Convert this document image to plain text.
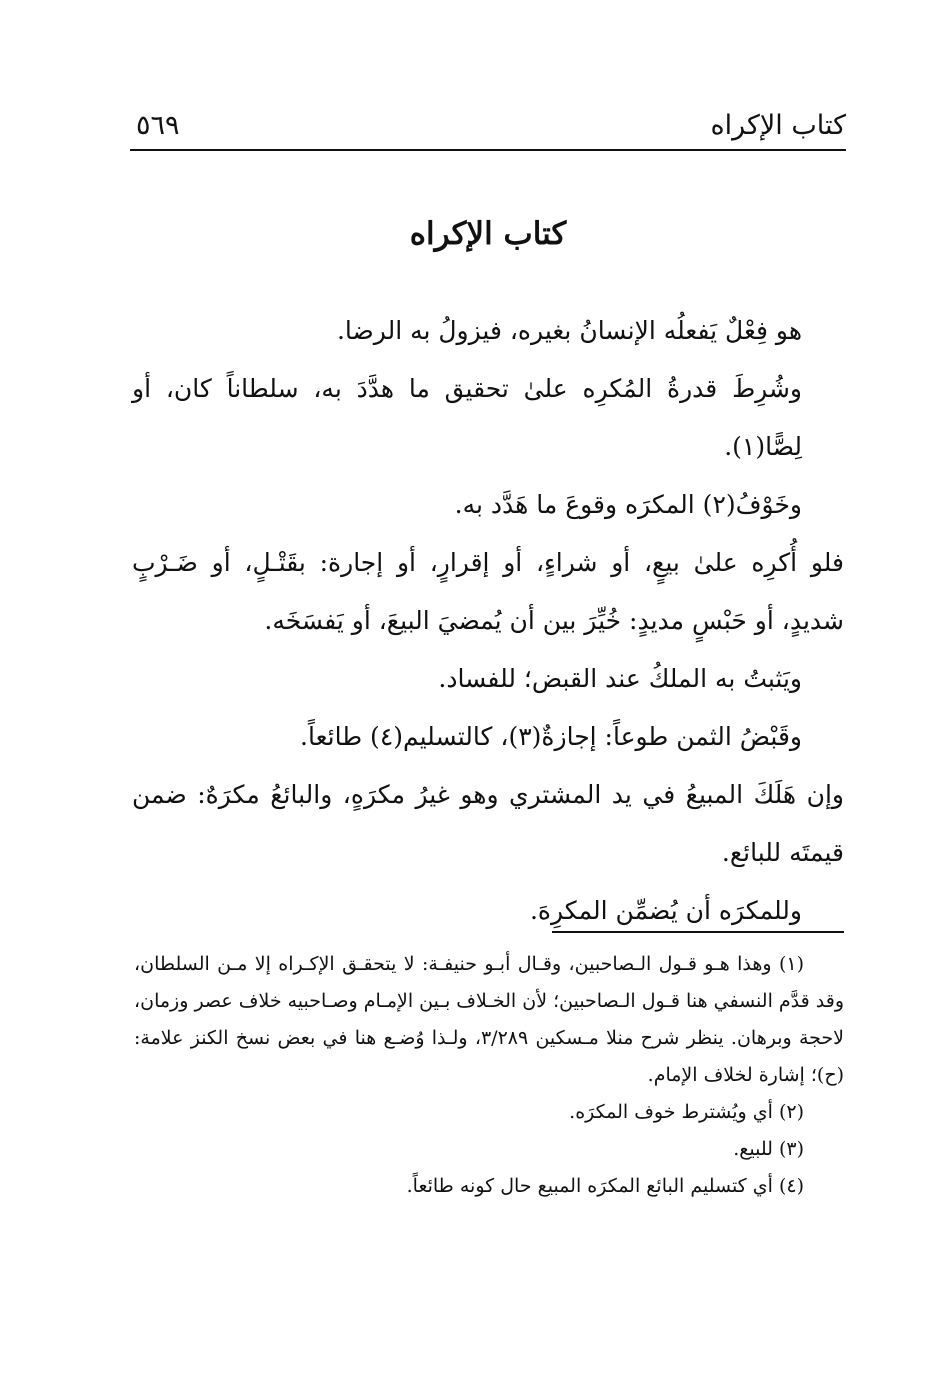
كتاب الإكراه
٥٦٩
كتاب الإكراه

هو فِعْلٌ يَفعلُه الإنسانُ بغيره، فيزولُ به الرضا.

وشُرِطَ قدرةُ المُكرِه علىٰ تحقيق ما هدَّدَ به، سلطاناً كان، أو لِصًّا(١).

وخَوْفُ(٢) المكرَه وقوعَ ما هَدَّد به.

فلو أُكرِه علىٰ بيعٍ، أو شراءٍ، أو إقرارٍ، أو إجارة: بقَتْـلٍ، أو ضَـرْبٍ شديدٍ، أو حَبْسٍ مديدٍ: خُيِّرَ بين أن يُمضيَ البيعَ، أو يَفسَخَه.

ويَثبتُ به الملكُ عند القبض؛ للفساد.

وقَبْضُ الثمن طوعاً: إجازةٌ(٣)، كالتسليم(٤) طائعاً.

وإن هَلَكَ المبيعُ في يد المشتري وهو غيرُ مكرَهٍ، والبائعُ مكرَهٌ: ضمن قيمتَه للبائع.

وللمكرَه أن يُضمِّن المكرِهَ.

(١) وهذا هـو قـول الـصاحبين، وقـال أبـو حنيفـة: لا يتحقـق الإكـراه إلا مـن السلطان، وقد قدَّم النسفي هنا قـول الـصاحبين؛ لأن الخـلاف بـين الإمـام وصـاحبيه خلاف عصر وزمان، لاحجة وبرهان. ينظر شرح منلا مـسكين ٣/٢٨٩، ولـذا وُضـع هنا في بعض نسخ الكنز علامة: (ح)؛ إشارة لخلاف الإمام.

(٢) أي ويُشترط خوف المكرَه.

(٣) للبيع.

(٤) أي كتسليم البائع المكرَه المبيع حال كونه طائعاً.
